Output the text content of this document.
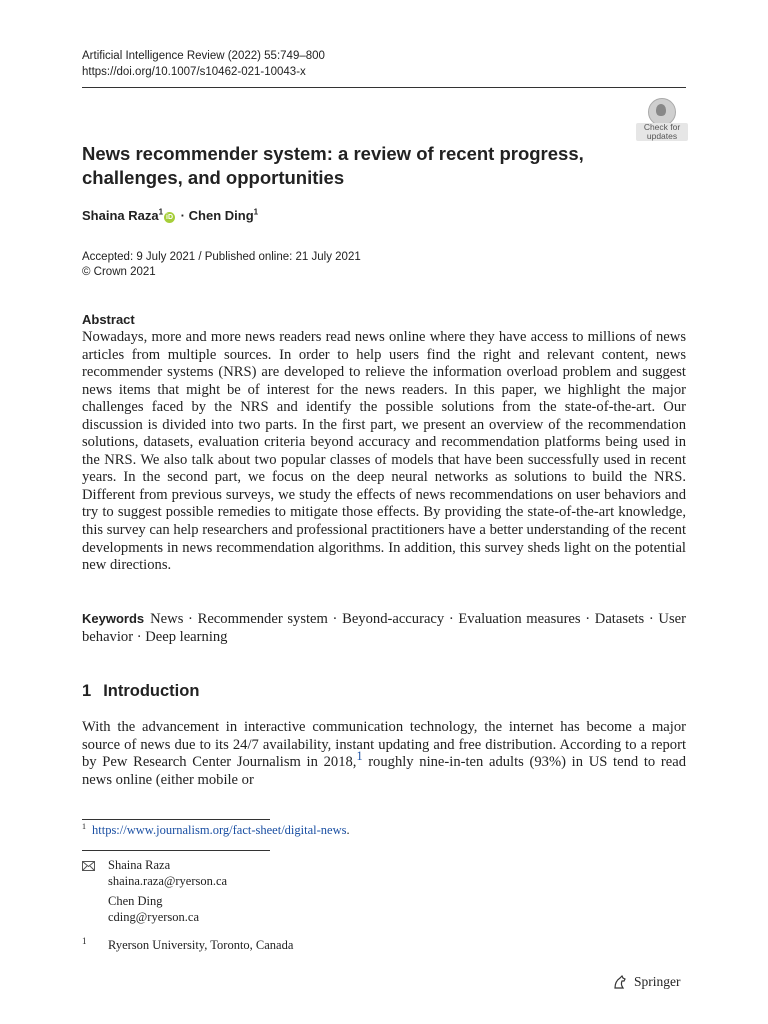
Artificial Intelligence Review (2022) 55:749–800
https://doi.org/10.1007/s10462-021-10043-x
Check for
updates
News recommender system: a review of recent progress, challenges, and opportunities
Shaina Raza$^1$iD · Chen Ding$^1$
Accepted: 9 July 2021 / Published online: 21 July 2021
© Crown 2021
Abstract
Nowadays, more and more news readers read news online where they have access to millions of news articles from multiple sources. In order to help users find the right and relevant content, news recommender systems (NRS) are developed to relieve the information overload problem and suggest news items that might be of interest for the news readers. In this paper, we highlight the major challenges faced by the NRS and identify the possible solutions from the state-of-the-art. Our discussion is divided into two parts. In the first part, we present an overview of the recommendation solutions, datasets, evaluation criteria beyond accuracy and recommendation platforms being used in the NRS. We also talk about two popular classes of models that have been successfully used in recent years. In the second part, we focus on the deep neural networks as solutions to build the NRS. Different from previous surveys, we study the effects of news recommendations on user behaviors and try to suggest possible remedies to mitigate those effects. By providing the state-of-the-art knowledge, this survey can help researchers and professional practitioners have a better understanding of the recent developments in news recommendation algorithms. In addition, this survey sheds light on the potential new directions.
Keywords News · Recommender system · Beyond-accuracy · Evaluation measures · Datasets · User behavior · Deep learning
1 Introduction
With the advancement in interactive communication technology, the internet has become a major source of news due to its 24/7 availability, instant updating and free distribution. According to a report by Pew Research Center Journalism in 2018,$^1$ roughly nine-in-ten adults (93%) in US tend to read news online (either mobile or
$^1$ https://www.journalism.org/fact-sheet/digital-news.
Shaina Raza
shaina.raza@ryerson.ca
Chen Ding
cding@ryerson.ca
1 Ryerson University, Toronto, Canada
Springer
